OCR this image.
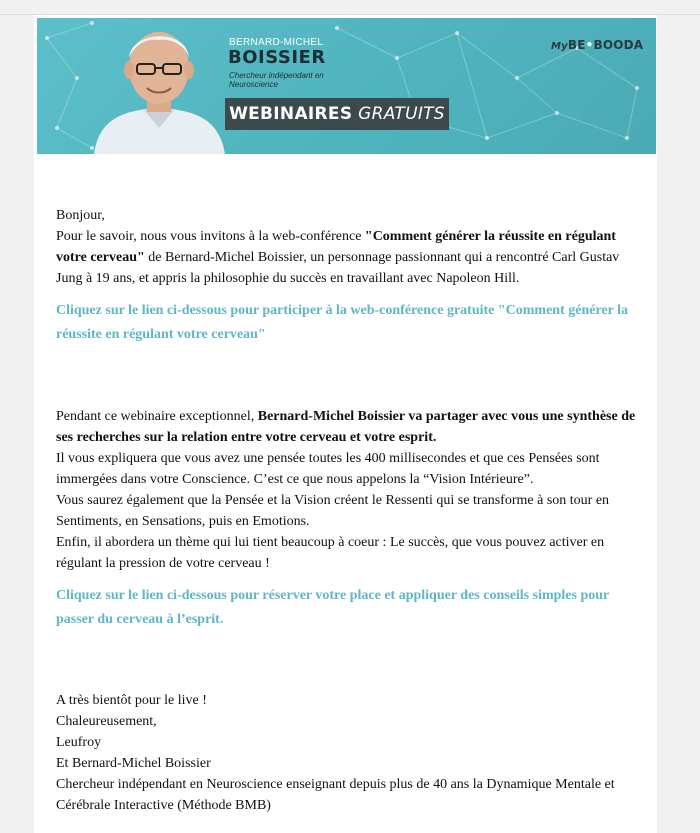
BERNARD-MICHEL
BOISSIER
Chercheur indépendant en Neuroscience
WEBINAIRES GRATUITS
MyBE•BOODA

Bonjour,

Pour le savoir, nous vous invitons à la web-conférence "Comment générer la réussite en régulant votre cerveau" de Bernard-Michel Boissier, un personnage passionnant qui a rencontré Carl Gustav Jung à 19 ans, et appris la philosophie du succès en travaillant avec Napoleon Hill.

Cliquez sur le lien ci-dessous pour participer à la web-conférence gratuite "Comment générer la réussite en régulant votre cerveau"

Pendant ce webinaire exceptionnel, Bernard-Michel Boissier va partager avec vous une synthèse de ses recherches sur la relation entre votre cerveau et votre esprit.

Il vous expliquera que vous avez une pensée toutes les 400 millisecondes et que ces Pensées sont immergées dans votre Conscience. C’est ce que nous appelons la “Vision Intérieure”.

Vous saurez également que la Pensée et la Vision créent le Ressenti qui se transforme à son tour en Sentiments, en Sensations, puis en Emotions.

Enfin, il abordera un thème qui lui tient beaucoup à coeur : Le succès, que vous pouvez activer en régulant la pression de votre cerveau !

Cliquez sur le lien ci-dessous pour réserver votre place et appliquer des conseils simples pour passer du cerveau à l’esprit.

A très bientôt pour le live !

Chaleureusement,

Leufroy

Et Bernard-Michel Boissier

Chercheur indépendant en Neuroscience enseignant depuis plus de 40 ans la Dynamique Mentale et Cérébrale Interactive (Méthode BMB)
